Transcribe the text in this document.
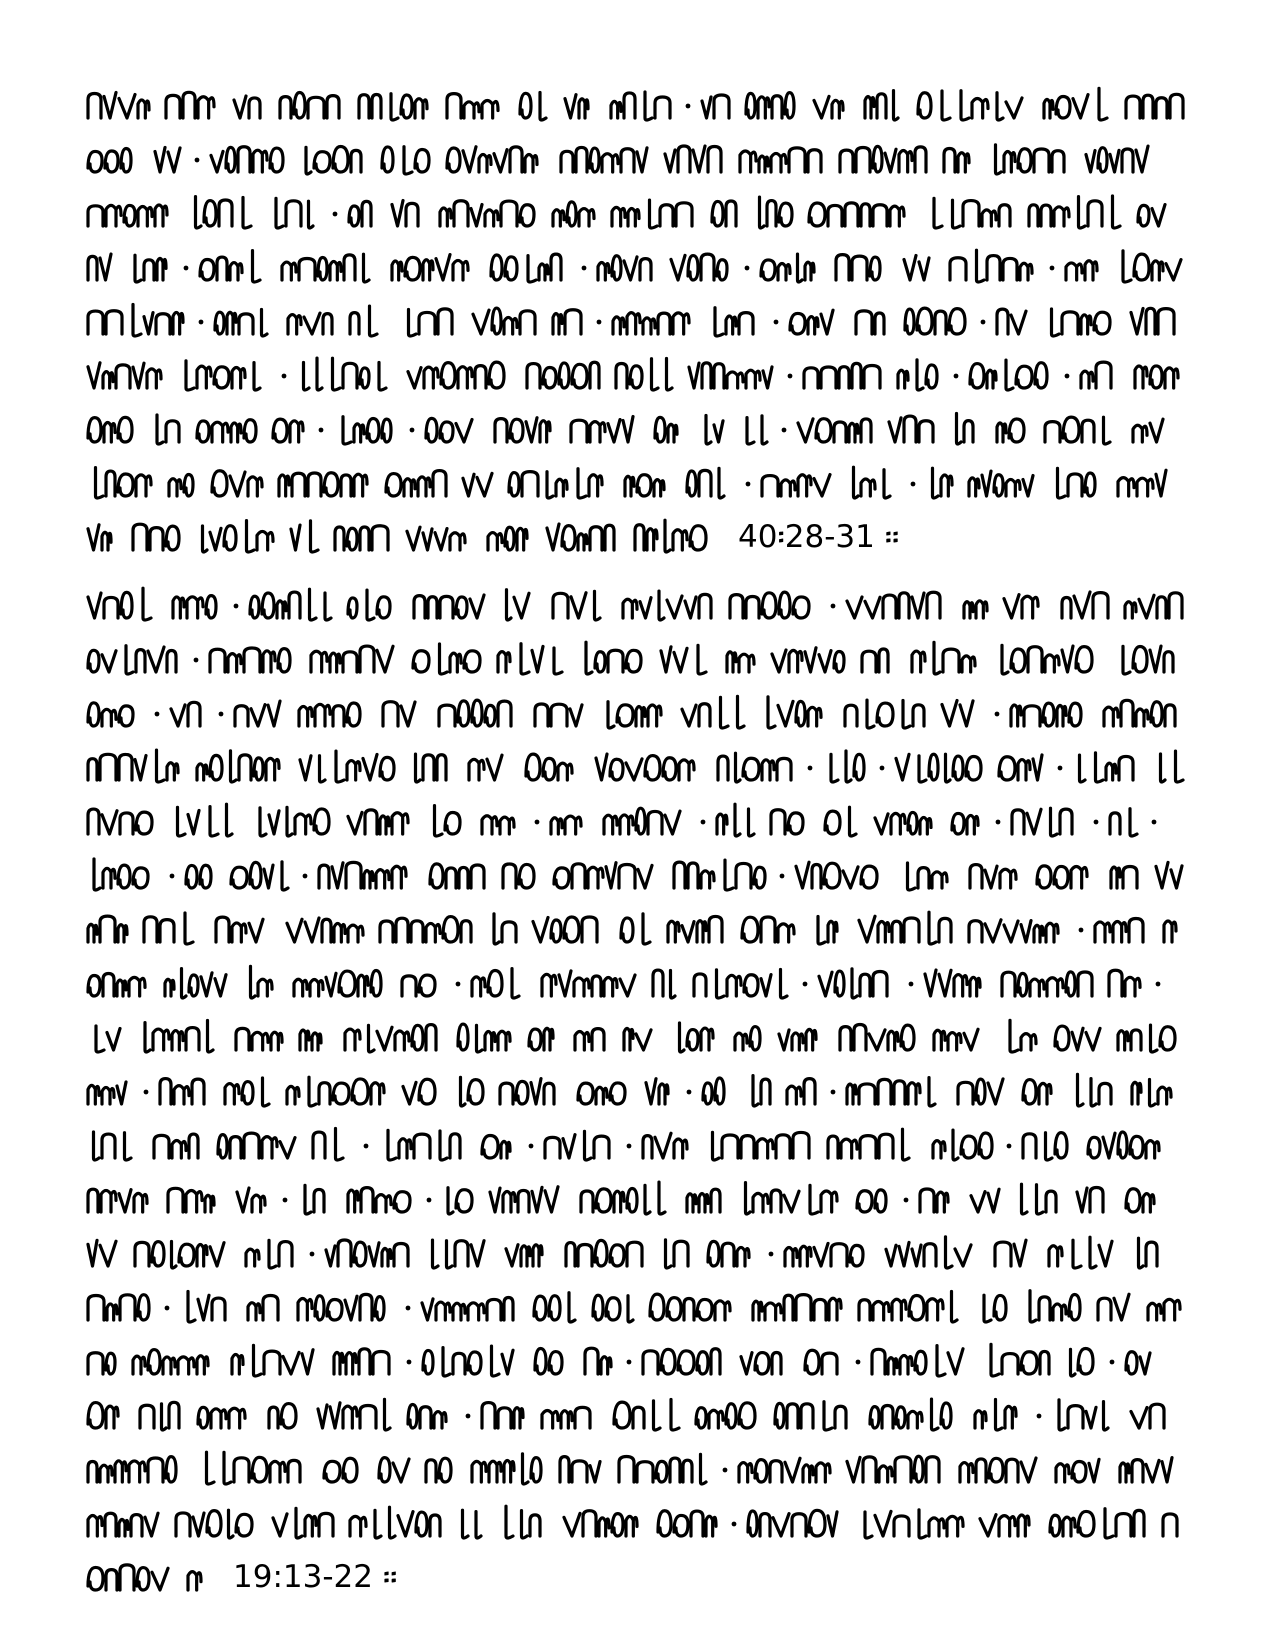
40፡28-31 ።
19:13-22 ።
